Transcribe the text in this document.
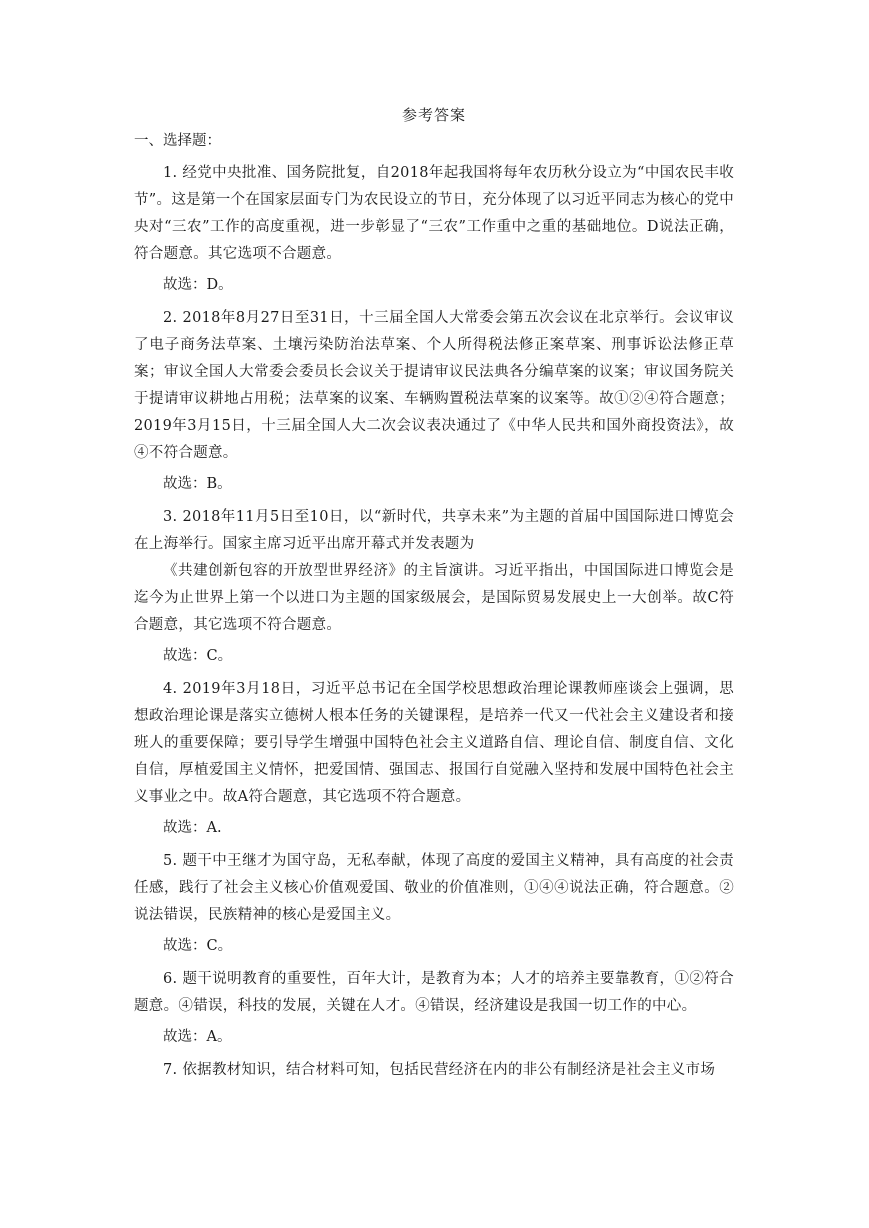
参考答案
一、选择题：

1. 经党中央批准、国务院批复，自2018年起我国将每年农历秋分设立为“中国农民丰收节”。这是第一个在国家层面专门为农民设立的节日，充分体现了以习近平同志为核心的党中央对“三农”工作的高度重视，进一步彰显了“三农”工作重中之重的基础地位。D说法正确，符合题意。其它选项不合题意。

故选：D。

2. 2018年8月27日至31日，十三届全国人大常委会第五次会议在北京举行。会议审议了电子商务法草案、土壤污染防治法草案、个人所得税法修正案草案、刑事诉讼法修正草案；审议全国人大常委会委员长会议关于提请审议民法典各分编草案的议案；审议国务院关于提请审议耕地占用税；法草案的议案、车辆购置税法草案的议案等。故①②④符合题意；2019年3月15日，十三届全国人大二次会议表决通过了《中华人民共和国外商投资法》，故④不符合题意。

故选：B。

3. 2018年11月5日至10日，以“新时代，共享未来”为主题的首届中国国际进口博览会在上海举行。国家主席习近平出席开幕式并发表题为

《共建创新包容的开放型世界经济》的主旨演讲。习近平指出，中国国际进口博览会是迄今为止世界上第一个以进口为主题的国家级展会，是国际贸易发展史上一大创举。故C符合题意，其它选项不符合题意。

故选：C。

4. 2019年3月18日，习近平总书记在全国学校思想政治理论课教师座谈会上强调，思想政治理论课是落实立德树人根本任务的关键课程，是培养一代又一代社会主义建设者和接班人的重要保障；要引导学生增强中国特色社会主义道路自信、理论自信、制度自信、文化自信，厚植爱国主义情怀，把爱国情、强国志、报国行自觉融入坚持和发展中国特色社会主义事业之中。故A符合题意，其它选项不符合题意。

故选：A.

5. 题干中王继才为国守岛，无私奉献，体现了高度的爱国主义精神，具有高度的社会责任感，践行了社会主义核心价值观爱国、敬业的价值准则，①④④说法正确，符合题意。②说法错误，民族精神的核心是爱国主义。

故选：C。

6. 题干说明教育的重要性，百年大计，是教育为本；人才的培养主要靠教育，①②符合题意。④错误，科技的发展，关键在人才。④错误，经济建设是我国一切工作的中心。

故选：A。

7. 依据教材知识，结合材料可知，包括民营经济在内的非公有制经济是社会主义市场
